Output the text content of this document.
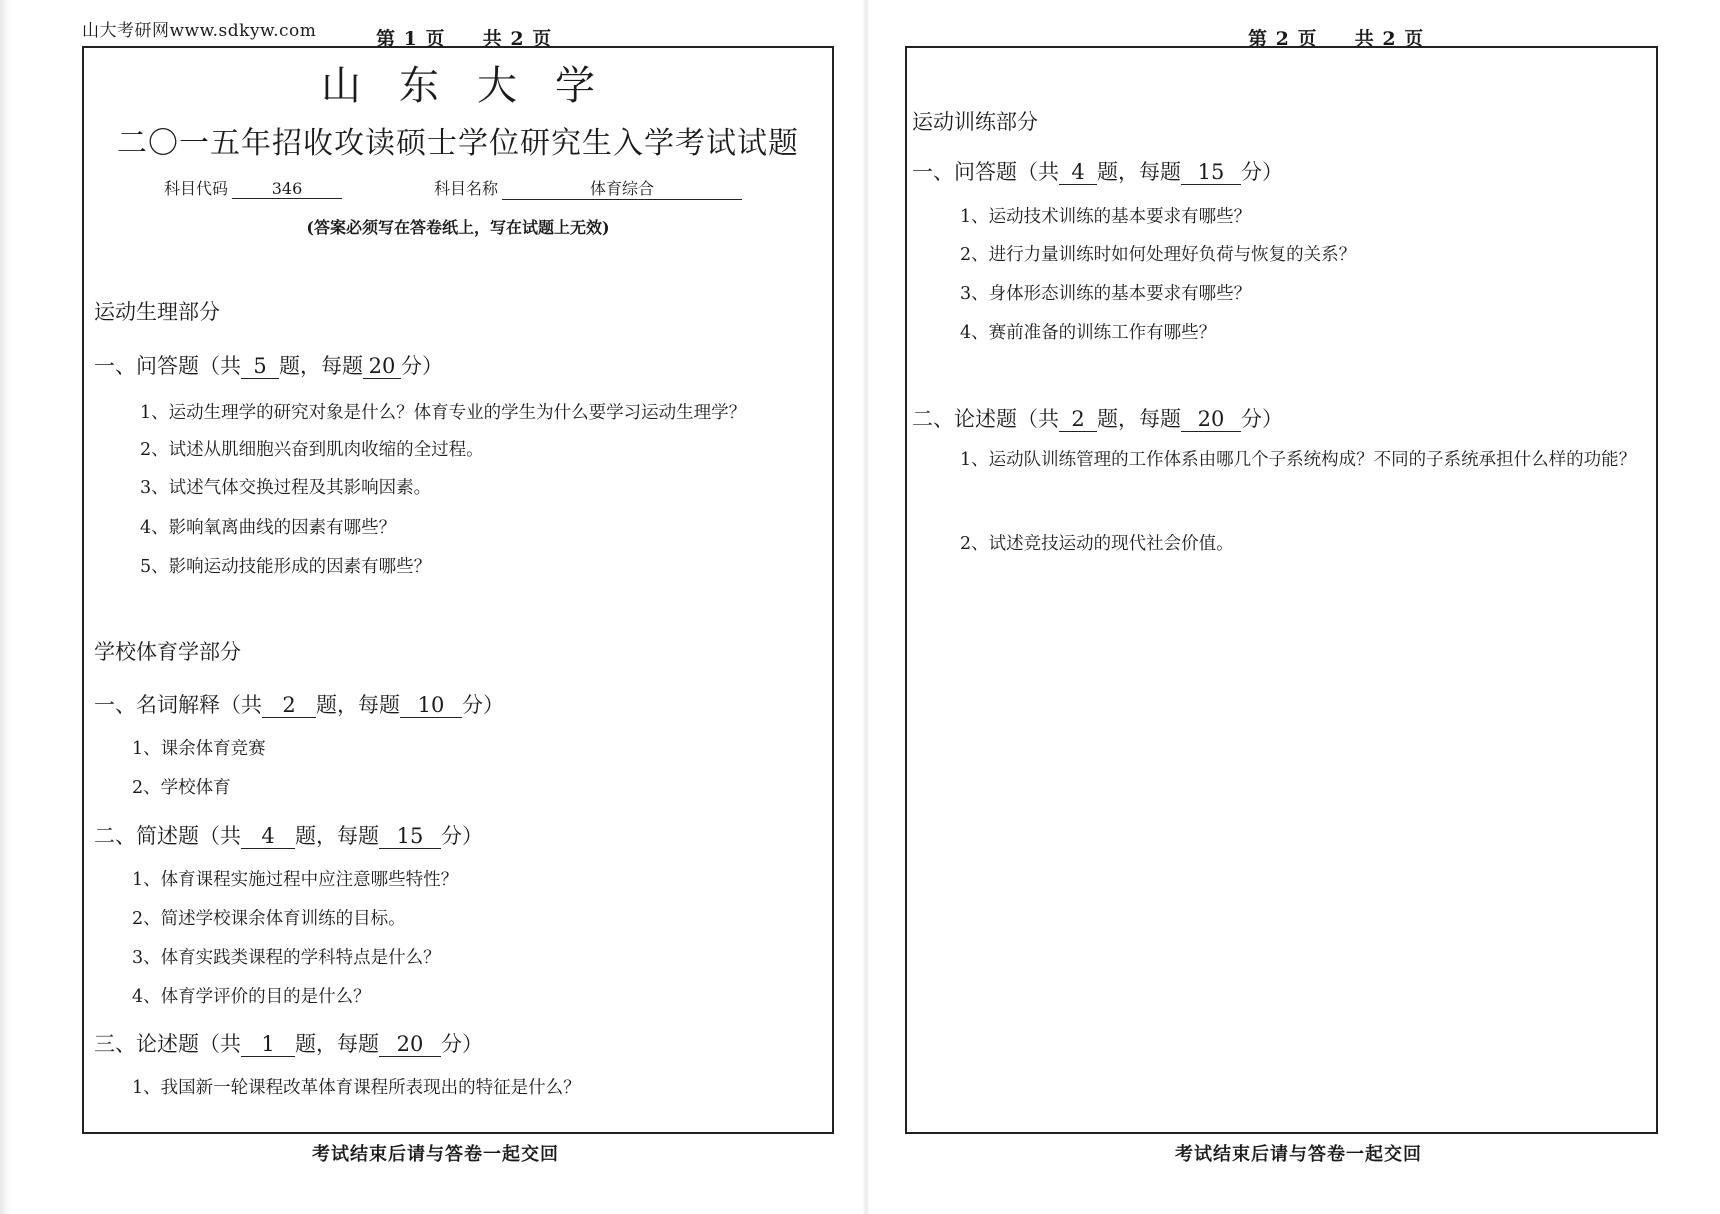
山大考研网www.sdkyw.com	第 1 页 共 2 页	第 2 页 共 2 页
山东大学
二〇一五年招收攻读硕士学位研究生入学考试试题
科目代码	346	科目名称	体育综合
(答案必须写在答卷纸上，写在试题上无效)
运动生理部分
一、问答题（共 5 题，每题 20 分）
1、运动生理学的研究对象是什么？体育专业的学生为什么要学习运动生理学？
2、试述从肌细胞兴奋到肌肉收缩的全过程。
3、试述气体交换过程及其影响因素。
4、影响氧离曲线的因素有哪些？
5、影响运动技能形成的因素有哪些？
学校体育学部分
一、名词解释（共 2 题，每题 10 分）
1、课余体育竞赛
2、学校体育
二、简述题（共 4 题，每题 15 分）
1、体育课程实施过程中应注意哪些特性？
2、简述学校课余体育训练的目标。
3、体育实践类课程的学科特点是什么？
4、体育学评价的目的是什么？
三、论述题（共 1 题，每题 20 分）
1、我国新一轮课程改革体育课程所表现出的特征是什么？
运动训练部分
一、问答题（共 4 题，每题 15 分）
1、运动技术训练的基本要求有哪些？
2、进行力量训练时如何处理好负荷与恢复的关系？
3、身体形态训练的基本要求有哪些？
4、赛前准备的训练工作有哪些？
二、论述题（共 2 题，每题 20 分）
1、运动队训练管理的工作体系由哪几个子系统构成？不同的子系统承担什么样的功能？
2、试述竞技运动的现代社会价值。
考试结束后请与答卷一起交回	考试结束后请与答卷一起交回
